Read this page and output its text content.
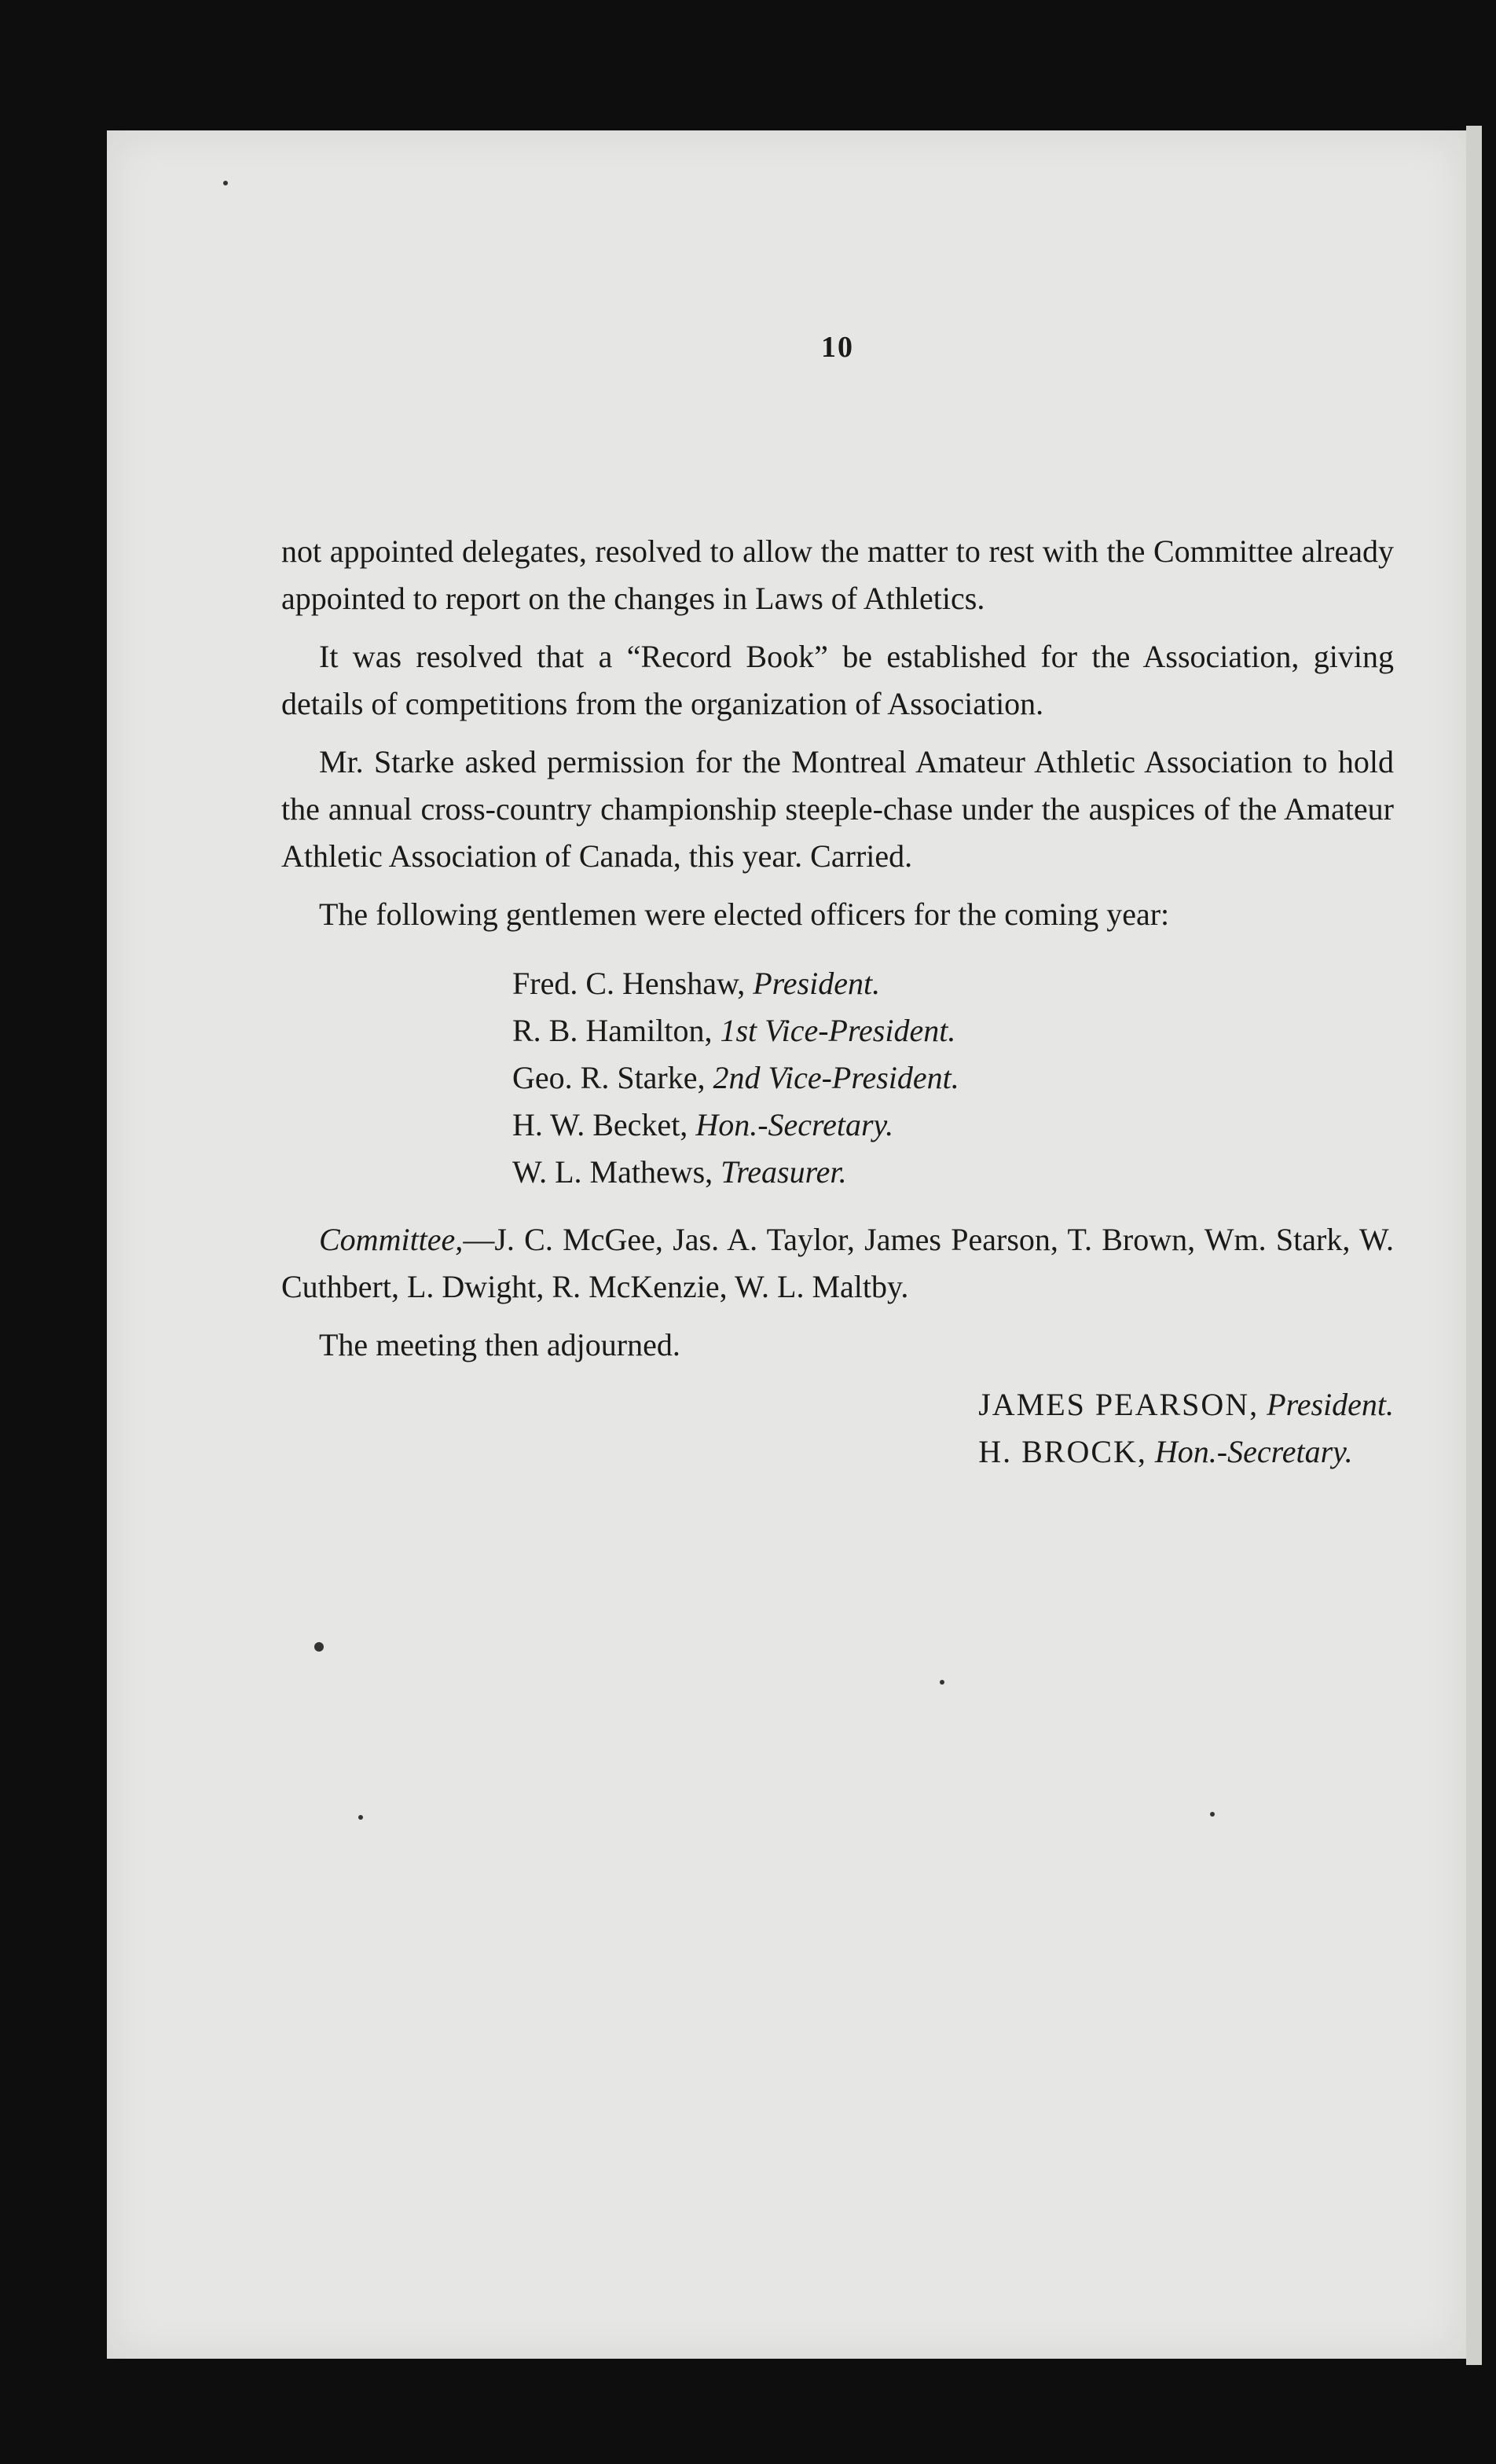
10

not appointed delegates, resolved to allow the matter to rest with the Committee already appointed to report on the changes in Laws of Athletics.

It was resolved that a “Record Book” be established for the Association, giving details of competitions from the organization of Association.

Mr. Starke asked permission for the Montreal Amateur Athletic Association to hold the annual cross-country championship steeple-chase under the auspices of the Amateur Athletic Association of Canada, this year. Carried.

The following gentlemen were elected officers for the coming year:

Fred. C. Henshaw, President.
R. B. Hamilton, 1st Vice-President.
Geo. R. Starke, 2nd Vice-President.
H. W. Becket, Hon.-Secretary.
W. L. Mathews, Treasurer.

Committee,—J. C. McGee, Jas. A. Taylor, James Pearson, T. Brown, Wm. Stark, W. Cuthbert, L. Dwight, R. McKenzie, W. L. Maltby.

The meeting then adjourned.

JAMES PEARSON, President.
H. BROCK, Hon.-Secretary.
